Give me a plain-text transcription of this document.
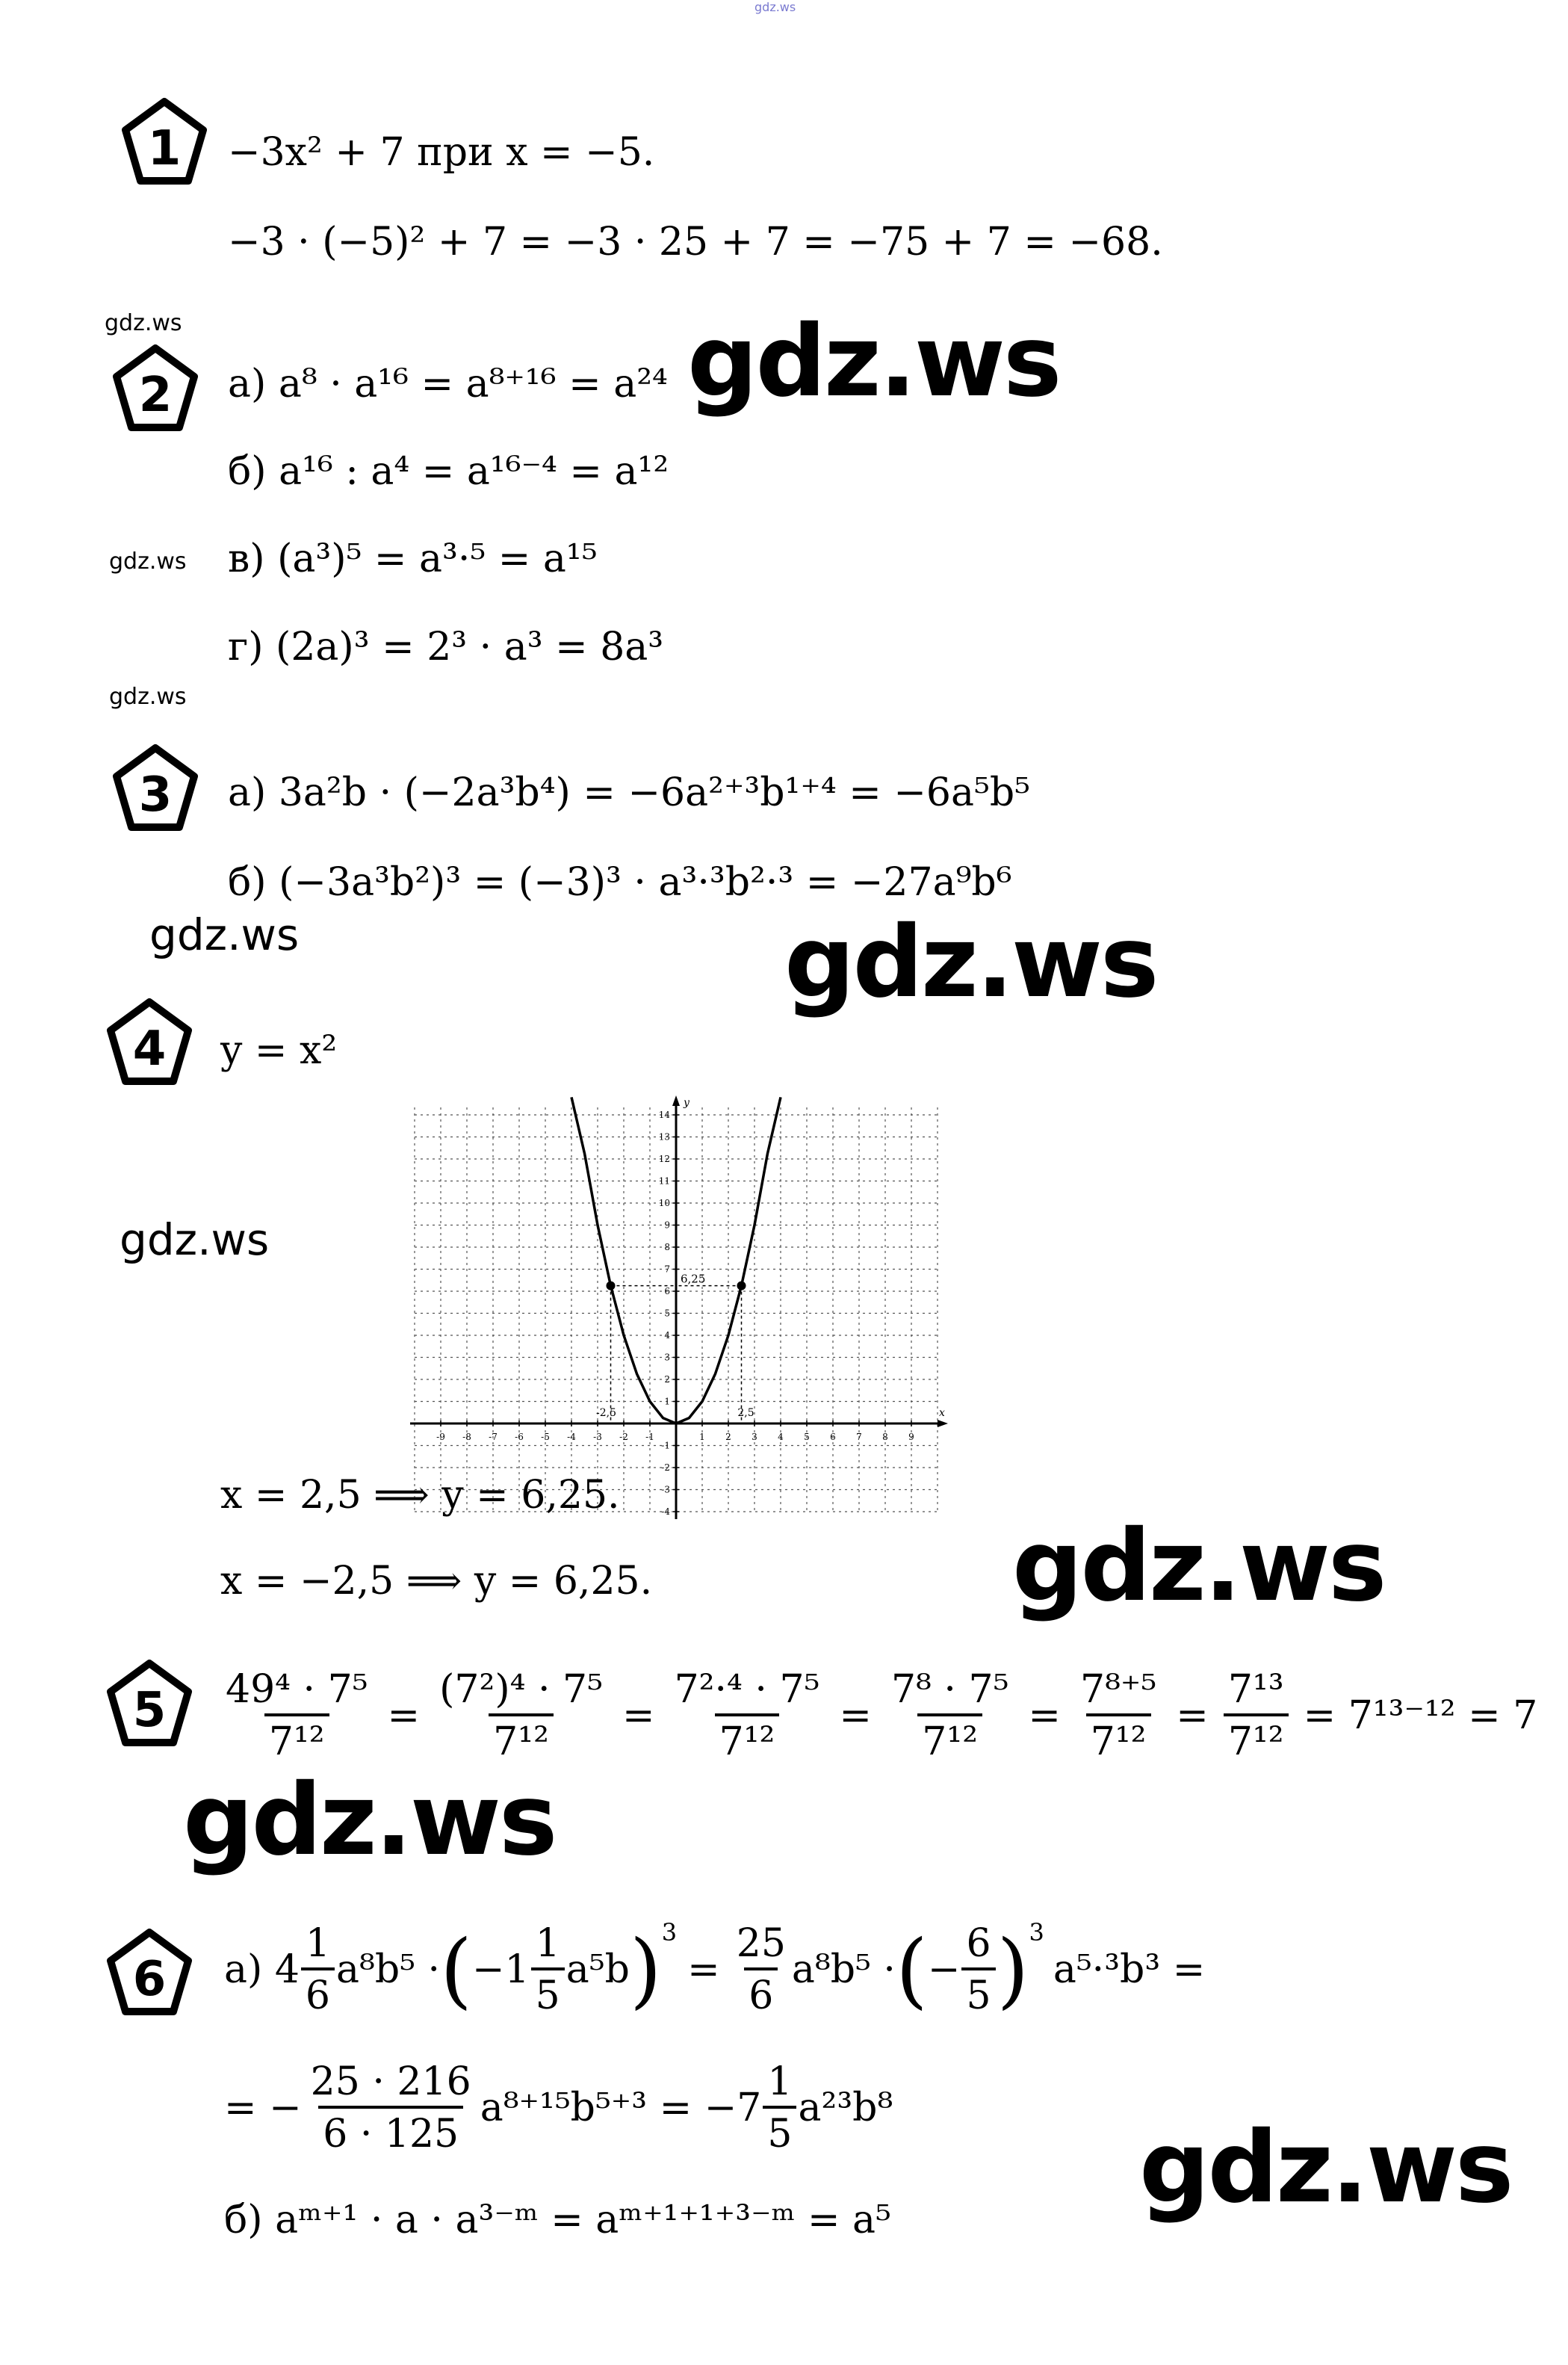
gdz.ws
1
2
3
4
5
6
−3x² + 7 при x = −5.
−3 · (−5)² + 7 = −3 · 25 + 7 = −75 + 7 = −68.
gdz.ws
а) a⁸ · a¹⁶ = a⁸⁺¹⁶ = a²⁴ gdz.ws
б) a¹⁶ : a⁴ = a¹⁶⁻⁴ = a¹²
gdz.ws в) (a³)⁵ = a³·⁵ = a¹⁵
г) (2a)³ = 2³ · a³ = 8a³
gdz.ws
а) 3a²b · (−2a³b⁴) = −6a²⁺³b¹⁺⁴ = −6a⁵b⁵
б) (−3a³b²)³ = (−3)³ · a³·³b²·³ = −27a⁹b⁶
gdz.ws	gdz.ws
y = x²
gdz.ws
x
y
-9 -8 -7 -6 -5 -4 -3 -2 -1	1 2 3 4 5 6 7 8 9
14
13
12
11
10
9
8
7
6
5
4
3
2
1
-1
-2
-3
-4
6,25
-2,5	2,5
x = 2,5 ⟹ y = 6,25.
x = −2,5 ⟹ y = 6,25.	gdz.ws
$\frac{\text{49⁴ · 7⁵}}{\text{7¹²}} = \frac{\text{(7²)⁴ · 7⁵}}{\text{7¹²}} = \frac{\text{7²·⁴ · 7⁵}}{\text{7¹²}} = \frac{\text{7⁸ · 7⁵}}{\text{7¹²}} = \frac{\text{7⁸⁺⁵}}{\text{7¹²}} = \frac{\text{7¹³}}{\text{7¹²}} = 7^{13-12} = 7$
gdz.ws
а)
$4 \frac{1}{6} a^8b^5$ · ( $-1 \frac{1}{5} a^5b$ ) 3
= $\frac{25}{6} a^8b^5$ · ( − $\frac{6}{5}$ ) 3
a⁵·³b³ =
= − $\frac{25 \cdot 216}{6 \cdot 125} a^{8+15}b^{5+3} = -7 \frac{1}{5} a^{23}b^8$
gdz.ws
б) aᵐ⁺¹ · a · a³⁻ᵐ = aᵐ⁺¹⁺¹⁺³⁻ᵐ = a⁵
